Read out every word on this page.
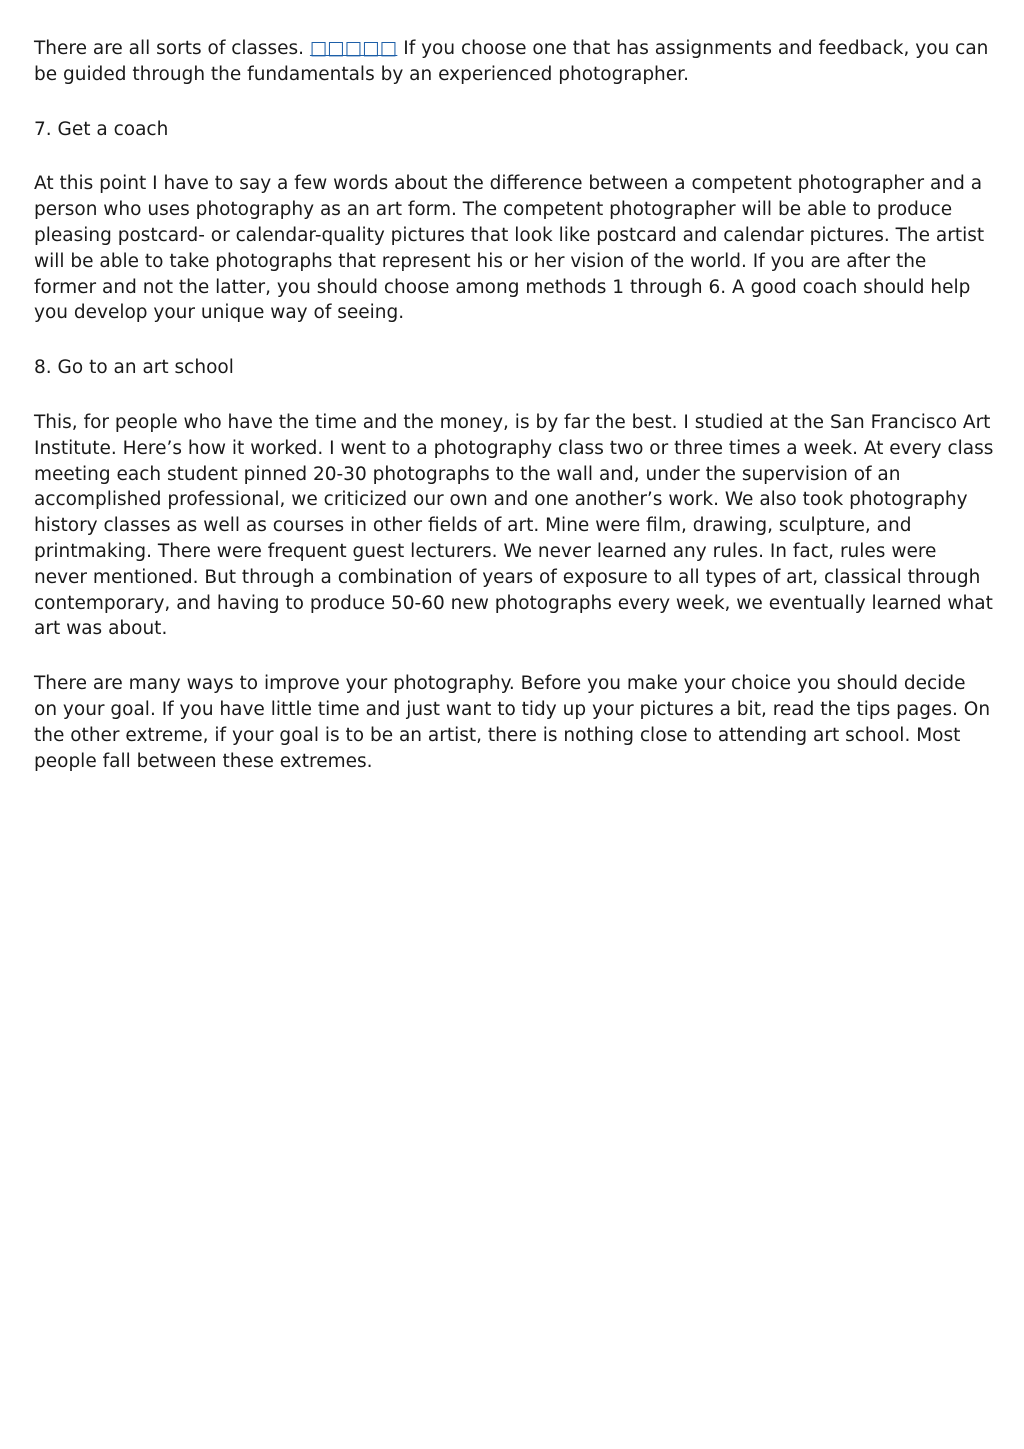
There are all sorts of classes. □□□□□ If you choose one that has assignments and feedback, you can be guided through the fundamentals by an experienced photographer.

7. Get a coach

At this point I have to say a few words about the difference between a competent photographer and a person who uses photography as an art form. The competent photographer will be able to produce pleasing postcard- or calendar-quality pictures that look like postcard and calendar pictures. The artist will be able to take photographs that represent his or her vision of the world. If you are after the former and not the latter, you should choose among methods 1 through 6. A good coach should help you develop your unique way of seeing.

8. Go to an art school

This, for people who have the time and the money, is by far the best. I studied at the San Francisco Art Institute. Here’s how it worked. I went to a photography class two or three times a week. At every class meeting each student pinned 20-30 photographs to the wall and, under the supervision of an accomplished professional, we criticized our own and one another’s work. We also took photography history classes as well as courses in other fields of art. Mine were film, drawing, sculpture, and printmaking. There were frequent guest lecturers. We never learned any rules. In fact, rules were never mentioned. But through a combination of years of exposure to all types of art, classical through contemporary, and having to produce 50-60 new photographs every week, we eventually learned what art was about.

There are many ways to improve your photography. Before you make your choice you should decide on your goal. If you have little time and just want to tidy up your pictures a bit, read the tips pages. On the other extreme, if your goal is to be an artist, there is nothing close to attending art school. Most people fall between these extremes.
